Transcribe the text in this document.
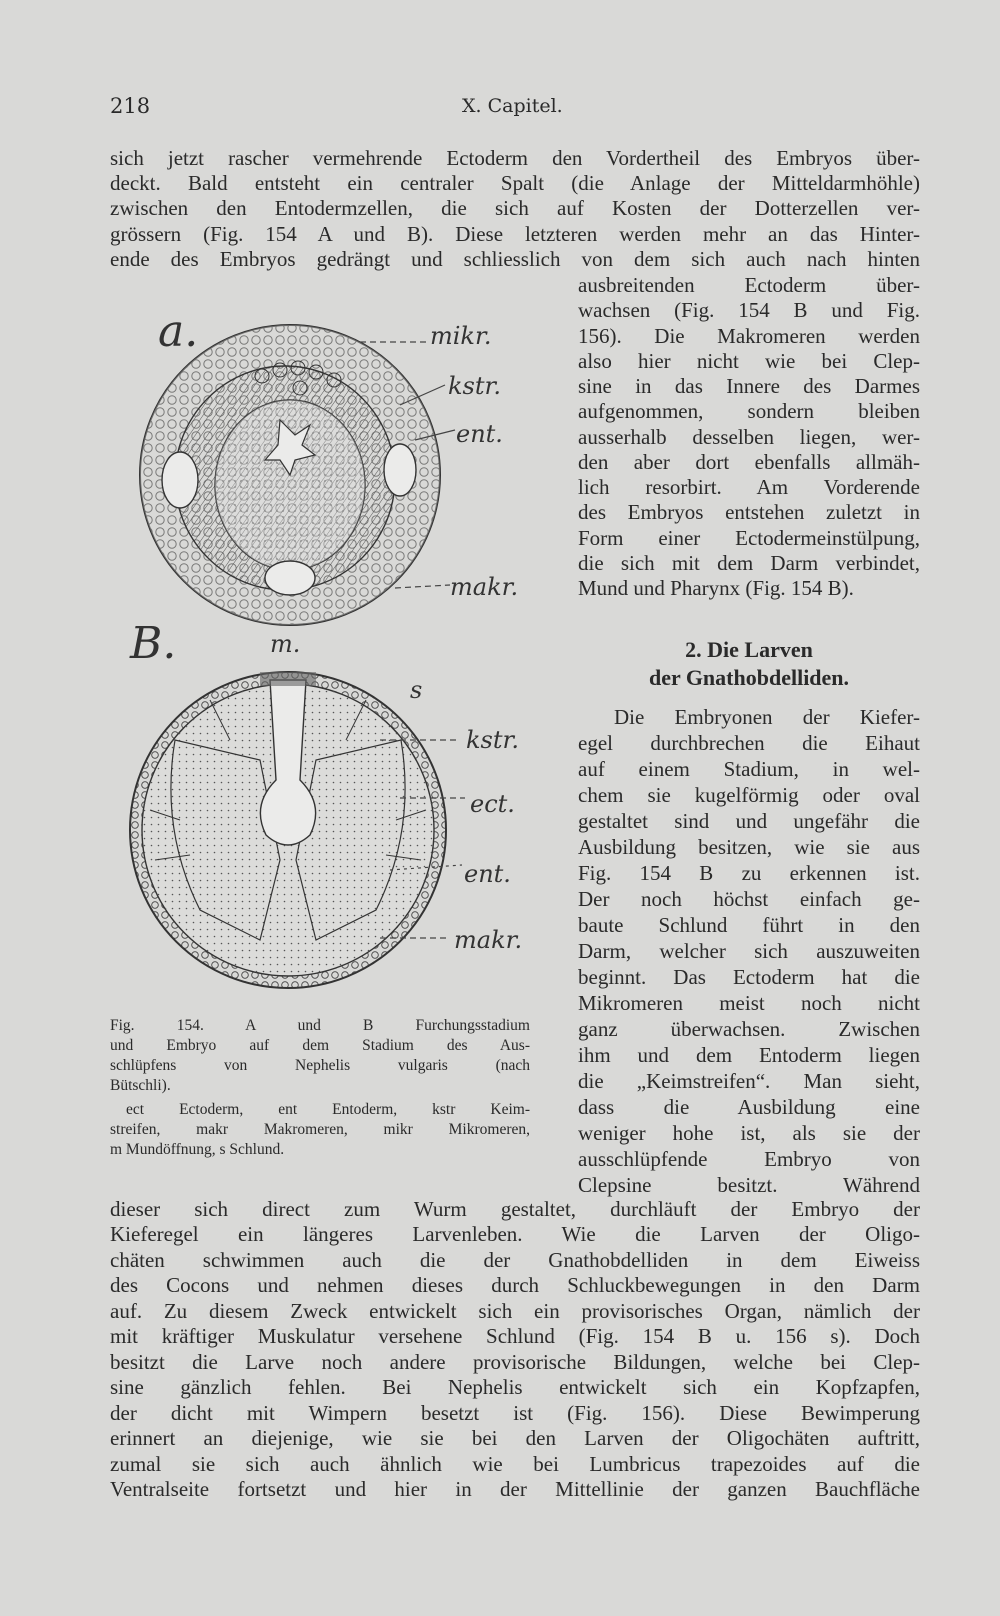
218	X. Capitel.
sich jetzt rascher vermehrende Ectoderm den Vordertheil des Embryos über-
deckt. Bald entsteht ein centraler Spalt (die Anlage der Mitteldarmhöhle)
zwischen den Entodermzellen, die sich auf Kosten der Dotterzellen ver-
grössern (Fig. 154 A und B). Diese letzteren werden mehr an das Hinter-
ende des Embryos gedrängt und schliesslich von dem sich auch nach hinten
ausbreitenden Ectoderm über-
wachsen (Fig. 154 B und Fig.
156). Die Makromeren werden
also hier nicht wie bei Clep-
sine in das Innere des Darmes
aufgenommen, sondern bleiben
ausserhalb desselben liegen, wer-
den aber dort ebenfalls allmäh-
lich resorbirt. Am Vorderende
des Embryos entstehen zuletzt in
Form einer Ectodermeinstülpung,
die sich mit dem Darm verbindet,
Mund und Pharynx (Fig. 154 B).
2. Die Larven
der Gnathobdelliden.
Die Embryonen der Kiefer-
egel durchbrechen die Eihaut
auf einem Stadium, in wel-
chem sie kugelförmig oder oval
gestaltet sind und ungefähr die
Ausbildung besitzen, wie sie aus
Fig. 154 B zu erkennen ist.
Der noch höchst einfach ge-
baute Schlund führt in den
Darm, welcher sich auszuweiten
beginnt. Das Ectoderm hat die
Mikromeren meist noch nicht
ganz überwachsen. Zwischen
ihm und dem Entoderm liegen
die „Keimstreifen“. Man sieht,
dass die Ausbildung eine
weniger hohe ist, als sie der
ausschlüpfende Embryo von
Clepsine besitzt. Während
dieser sich direct zum Wurm gestaltet, durchläuft der Embryo der
Kieferegel ein längeres Larvenleben. Wie die Larven der Oligo-
chäten schwimmen auch die der Gnathobdelliden in dem Eiweiss
des Cocons und nehmen dieses durch Schluckbewegungen in den Darm
auf. Zu diesem Zweck entwickelt sich ein provisorisches Organ, nämlich der
mit kräftiger Muskulatur versehene Schlund (Fig. 154 B u. 156 s). Doch
besitzt die Larve noch andere provisorische Bildungen, welche bei Clep-
sine gänzlich fehlen. Bei Nephelis entwickelt sich ein Kopfzapfen,
der dicht mit Wimpern besetzt ist (Fig. 156). Diese Bewimperung
erinnert an diejenige, wie sie bei den Larven der Oligochäten auftritt,
zumal sie sich auch ähnlich wie bei Lumbricus trapezoides auf die
Ventralseite fortsetzt und hier in der Mittellinie der ganzen Bauchfläche
a.	mikr.
kstr.
ent.
makr.
B.	m.
s
kstr.
ect.
ent.
makr.
Fig. 154. A und B Furchungsstadium
und Embryo auf dem Stadium des Aus-
schlüpfens von Nephelis vulgaris (nach
Bütschli).
ect Ectoderm, ent Entoderm, kstr Keim-
streifen, makr Makromeren, mikr Mikromeren,
m Mundöffnung, s Schlund.
